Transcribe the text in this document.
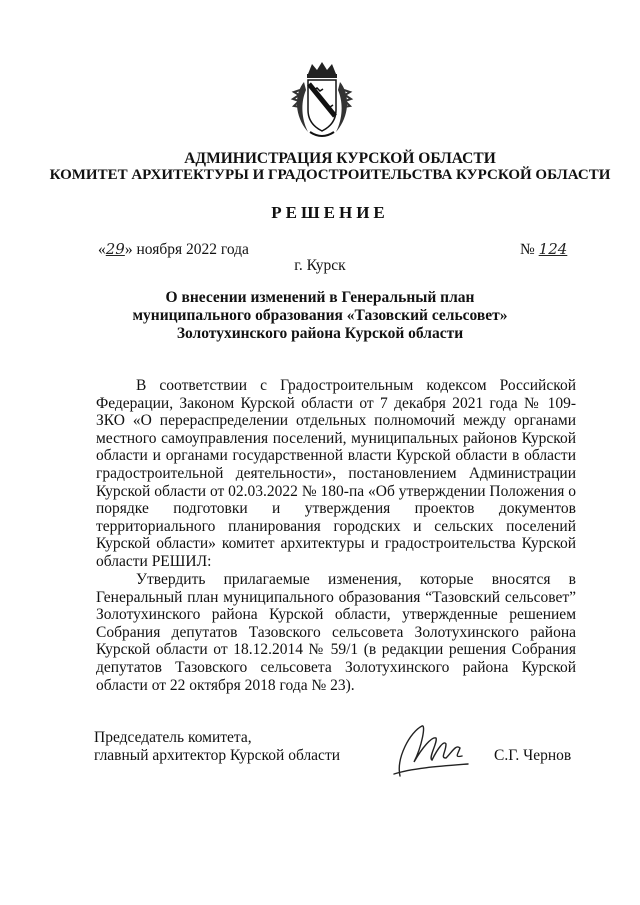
АДМИНИСТРАЦИЯ КУРСКОЙ ОБЛАСТИ
КОМИТЕТ АРХИТЕКТУРЫ И ГРАДОСТРОИТЕЛЬСТВА КУРСКОЙ ОБЛАСТИ
РЕШЕНИЕ
«29» ноября 2022 года	№ 124
г. Курск
О внесении изменений в Генеральный план
муниципального образования «Тазовский сельсовет»
Золотухинского района Курской области

В соответствии с Градостроительным кодексом Российской Федерации, Законом Курской области от 7 декабря 2021 года № 109-ЗКО «О перераспределении отдельных полномочий между органами местного самоуправления поселений, муниципальных районов Курской области и органами государственной власти Курской области в области градостроительной деятельности», постановлением Администрации Курской области от 02.03.2022 № 180-па «Об утверждении Положения о порядке подготовки и утверждения проектов документов территориального планирования городских и сельских поселений Курской области» комитет архитектуры и градостроительства Курской области РЕШИЛ:

Утвердить прилагаемые изменения, которые вносятся в Генеральный план муниципального образования “Тазовский сельсовет” Золотухинского района Курской области, утвержденные решением Собрания депутатов Тазовского сельсовета Золотухинского района Курской области от 18.12.2014 № 59/1 (в редакции решения Собрания депутатов Тазовского сельсовета Золотухинского района Курской области от 22 октября 2018 года № 23).

Председатель комитета,
главный архитектор Курской области	С.Г. Чернов
